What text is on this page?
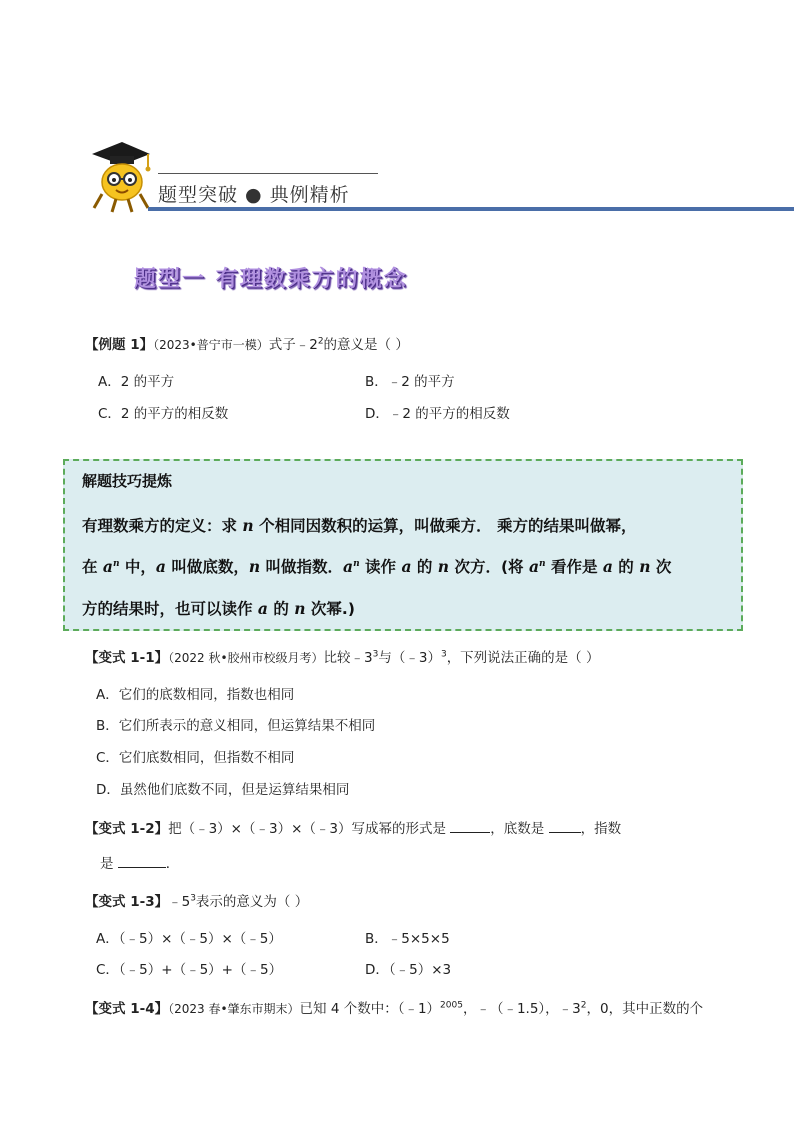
题型突破 ● 典例精析
题型一 有理数乘方的概念
【例题 1】（2023•普宁市一模）式子$﹣2^2$的意义是（ ）
A．2 的平方	B．﹣2 的平方
C．2 的平方的相反数	D．﹣2 的平方的相反数
解题技巧提炼
有理数乘方的定义：求 n 个相同因数积的运算，叫做乘方． 乘方的结果叫做幂，
在 $a^n$ 中，a 叫做底数，n 叫做指数．$a^n$ 读作 a 的 n 次方．(将 $a^n$ 看作是 a 的 n 次
方的结果时，也可以读作 a 的 n 次幂.)
【变式 1-1】（2022 秋•胶州市校级月考）比较$﹣3^3$与（﹣3）$^3$，下列说法正确的是（ ）
A．它们的底数相同，指数也相同
B．它们所表示的意义相同，但运算结果不相同
C．它们底数相同，但指数不相同
D．虽然他们底数不同，但是运算结果相同
【变式 1-2】把（﹣3）×（﹣3）×（﹣3）写成幂的形式是	，底数是 ，指数
是	．
【变式 1-3】$﹣5^3$表示的意义为（ ）
A．（﹣5）×（﹣5）×（﹣5）	B．﹣5×5×5
C．（﹣5）+（﹣5）+（﹣5）	D．（﹣5）×3
【变式 1-4】（2023 春•肇东市期末）已知 4 个数中：（﹣1）$^{2005}$，﹣（﹣1.5），$﹣3^2$，0，其中正数的个
